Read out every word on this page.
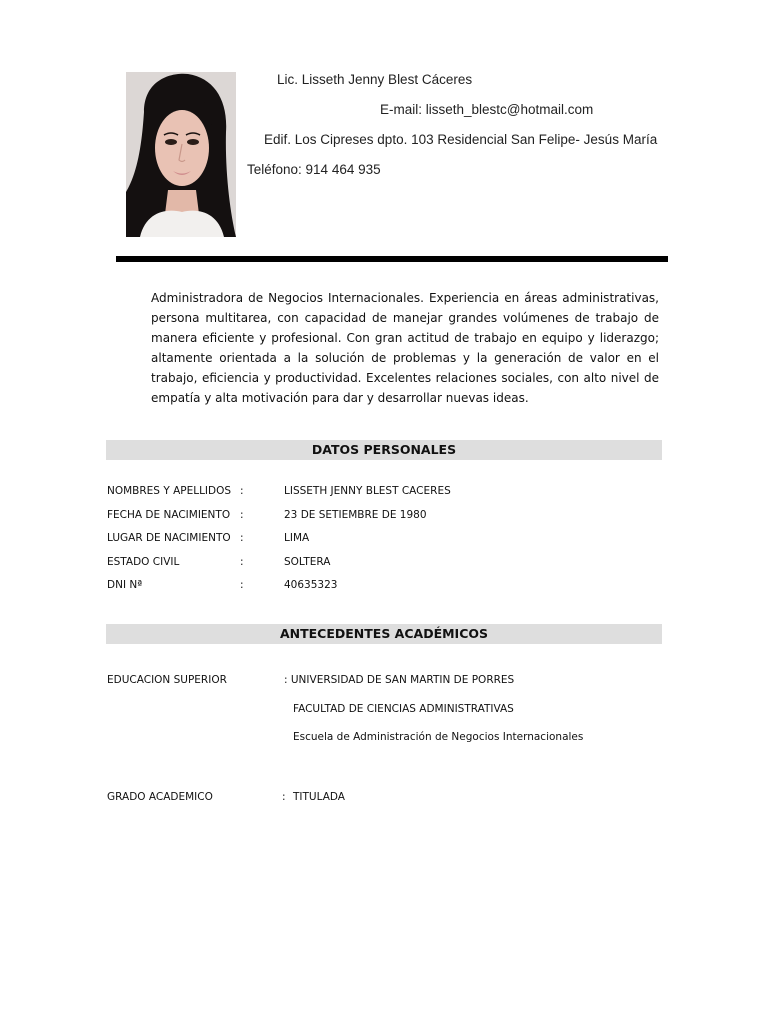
Lic. Lisseth Jenny Blest Cáceres
E-mail: lisseth_blestc@hotmail.com
Edif. Los Cipreses dpto. 103 Residencial San Felipe- Jesús María
Teléfono: 914 464 935
Administradora de Negocios Internacionales. Experiencia en áreas administrativas, persona multitarea, con capacidad de manejar grandes volúmenes de trabajo de manera eficiente y profesional. Con gran actitud de trabajo en equipo y liderazgo; altamente orientada a la solución de problemas y la generación de valor en el trabajo, eficiencia y productividad. Excelentes relaciones sociales, con alto nivel de empatía y alta motivación para dar y desarrollar nuevas ideas.
DATOS PERSONALES
NOMBRES Y APELLIDOS :	LISSETH JENNY BLEST CACERES
FECHA DE NACIMIENTO :	23 DE SETIEMBRE DE 1980
LUGAR DE NACIMIENTO :	LIMA
ESTADO CIVIL	:	SOLTERA
DNI Nª	:	40635323
ANTECEDENTES ACADÉMICOS
EDUCACION SUPERIOR	: UNIVERSIDAD DE SAN MARTIN DE PORRES
FACULTAD DE CIENCIAS ADMINISTRATIVAS
Escuela de Administración de Negocios Internacionales
GRADO ACADEMICO	: TITULADA
